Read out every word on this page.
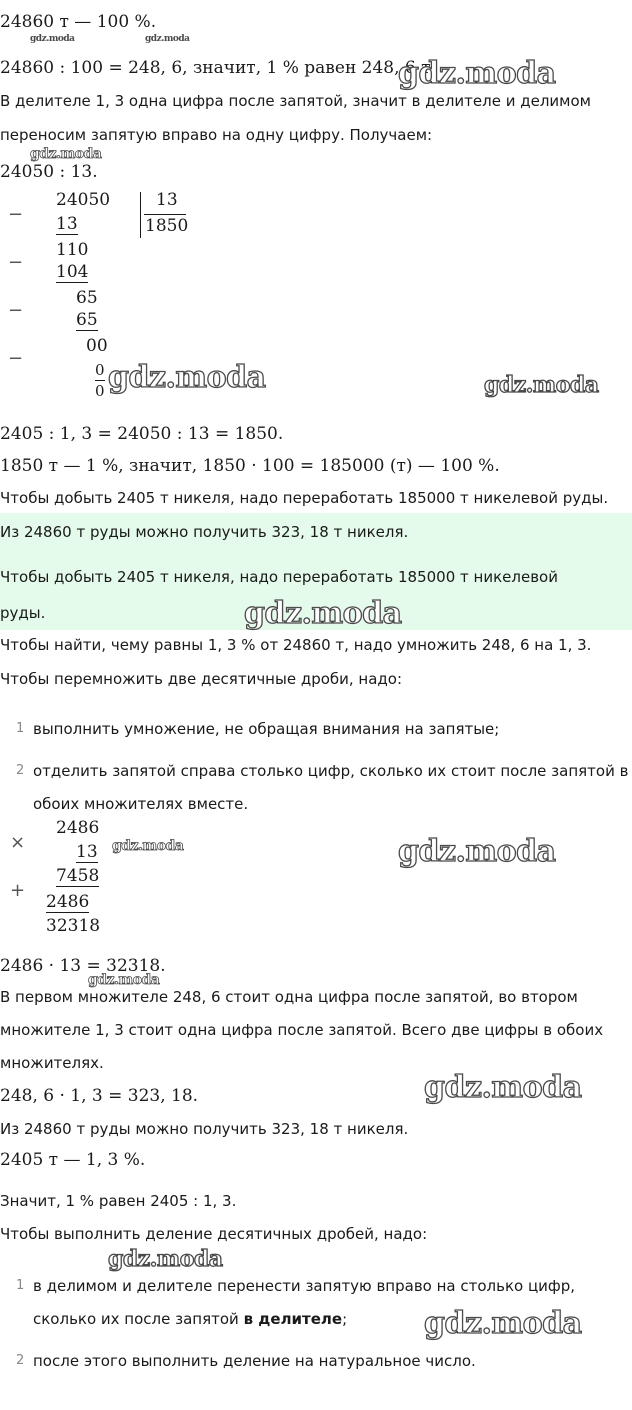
24860 т — 100 %.
24860 : 100 = 248, 6, значит, 1 % равен 248, 6 т.
В делителе 1, 3 одна цифра после запятой, значит в делителе и делимом
переносим запятую вправо на одну цифру. Получаем:
24050 : 13.
−
−
−
−
24050	13
1850
13
110
104
65
65
00
0
0
2405 : 1, 3 = 24050 : 13 = 1850.
1850 т — 1 %, значит, 1850 · 100 = 185000 (т) — 100 %.
Чтобы добыть 2405 т никеля, надо переработать 185000 т никелевой руды.
Из 24860 т руды можно получить 323, 18 т никеля.
Чтобы добыть 2405 т никеля, надо переработать 185000 т никелевой
руды.
Чтобы найти, чему равны 1, 3 % от 24860 т, надо умножить 248, 6 на 1, 3.
Чтобы перемножить две десятичные дроби, надо:
1 выполнить умножение, не обращая внимания на запятые;
2 отделить запятой справа столько цифр, сколько их стоит после запятой в
обоих множителях вместе.
×
+
2486
13
7458
2486
32318
2486 · 13 = 32318.
В первом множителе 248, 6 стоит одна цифра после запятой, во втором
множителе 1, 3 стоит одна цифра после запятой. Всего две цифры в обоих
множителях.
248, 6 · 1, 3 = 323, 18.
Из 24860 т руды можно получить 323, 18 т никеля.
2405 т — 1, 3 %.
Значит, 1 % равен 2405 : 1, 3.
Чтобы выполнить деление десятичных дробей, надо:
1 в делимом и делителе перенести запятую вправо на столько цифр,
сколько их после запятой в делителе;
2 после этого выполнить деление на натуральное число.
gdz.moda	gdz.moda
gdz.moda
gdz.moda
gdz.moda	gdz.moda
gdz.moda
gdz.moda	gdz.moda
gdz.moda
gdz.moda
gdz.moda
gdz.moda
